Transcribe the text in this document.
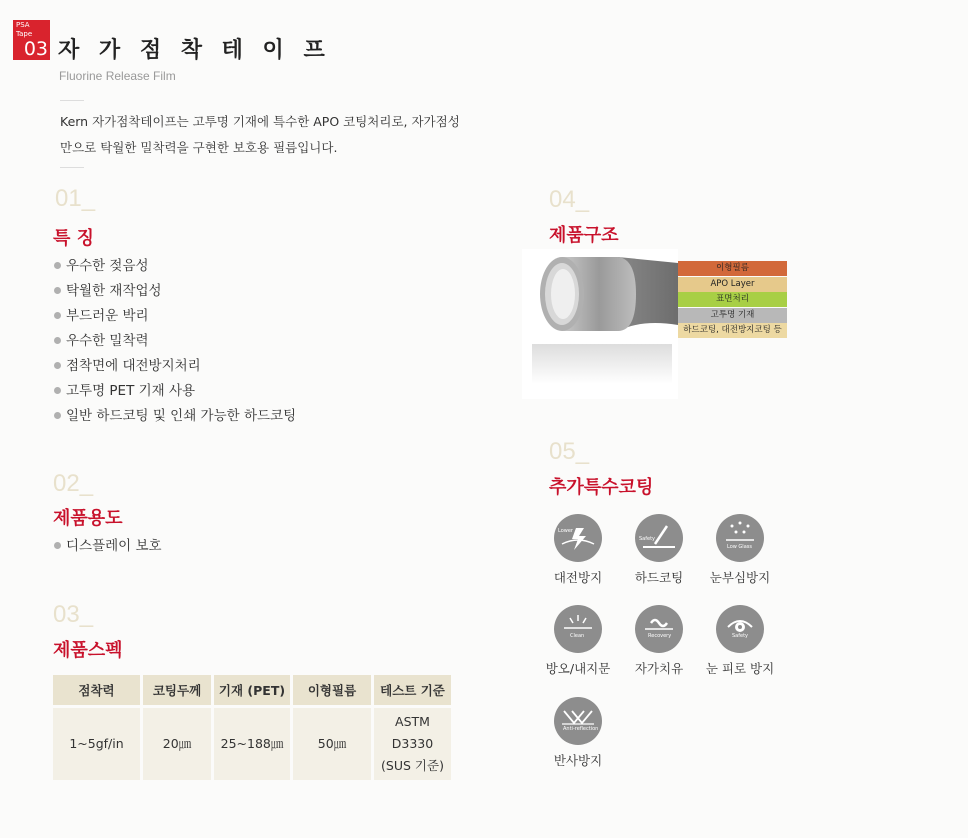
PSA
Tape
03 자 가 점 착 테 이 프
Fluorine Release Film
Kern 자가점착테이프는 고투명 기재에 특수한 APO 코팅처리로, 자가점성
만으로 탁월한 밀착력을 구현한 보호용 필름입니다.
01_
특 징
우수한 젖음성
탁월한 재작업성
부드러운 박리
우수한 밀착력
점착면에 대전방지처리
고투명 PET 기재 사용
일반 하드코팅 및 인쇄 가능한 하드코팅
02_
제품용도
디스플레이 보호
03_
제품스펙
점착력	코팅두께	기재 (PET)	이형필름	테스트 기준

1~5gf/in	20㎛	25~188㎛	50㎛	ASTM D3330
(SUS 기준)
04_
제품구조
이형필름
APO Layer
표면처리
고투명 기재
하드코팅, 대전방지코팅 등
05_
추가특수코팅
Lower
대전방지
Safety
하드코팅
Low Glass
눈부심방지
Clean
방오/내지문
Recovery
자가치유
Safety
눈 피로 방지
Anti-reflection
반사방지
